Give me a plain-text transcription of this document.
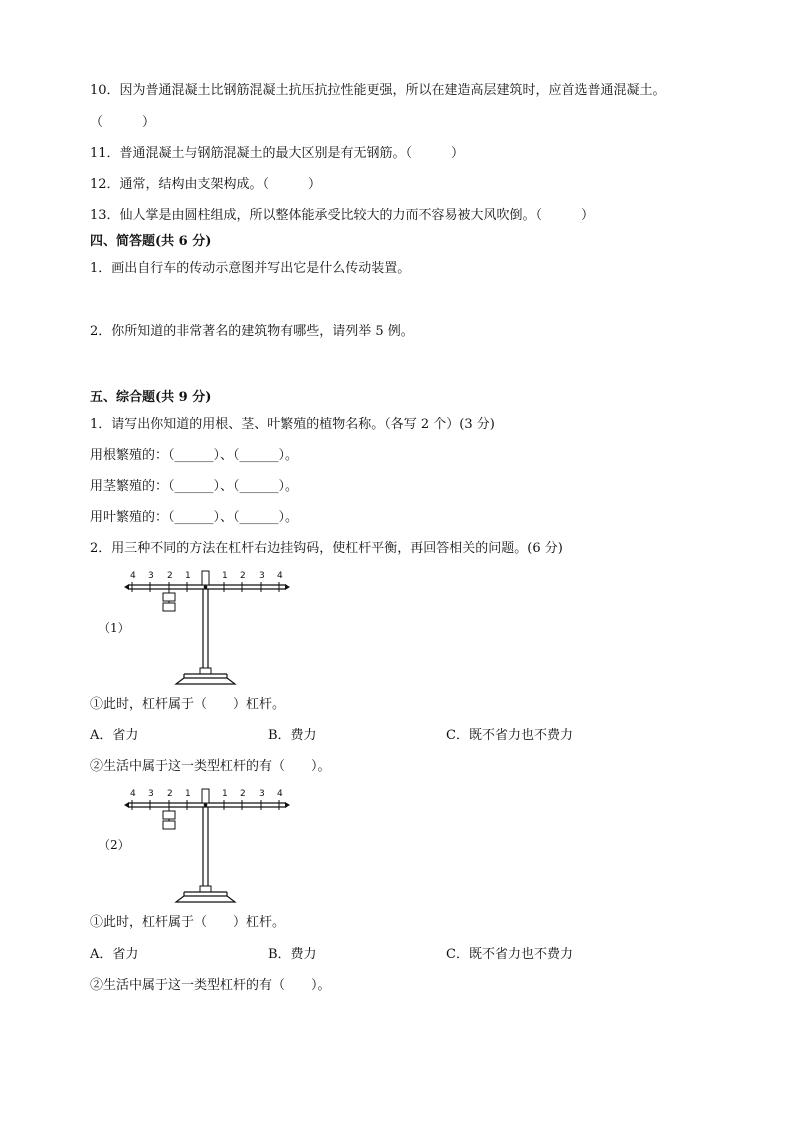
10．因为普通混凝土比钢筋混凝土抗压抗拉性能更强，所以在建造高层建筑时，应首选普通混凝土。
（　　　）
11．普通混凝土与钢筋混凝土的最大区别是有无钢筋。（　　　）
12．通常，结构由支架构成。（　　　）
13．仙人掌是由圆柱组成，所以整体能承受比较大的力而不容易被大风吹倒。（　　　）
四、简答题(共 6 分)
1．画出自行车的传动示意图并写出它是什么传动装置。
2．你所知道的非常著名的建筑物有哪些，请列举 5 例。
五、综合题(共 9 分)
1．请写出你知道的用根、茎、叶繁殖的植物名称。（各写 2 个）(3 分)
用根繁殖的：（______）、（______）。
用茎繁殖的：（______）、（______）。
用叶繁殖的：（______）、（______）。
2．用三种不同的方法在杠杆右边挂钩码，使杠杆平衡，再回答相关的问题。(6 分)
4 3 2 1	1 2 3 4
（1）
①此时，杠杆属于（　　）杠杆。
A．省力	B．费力	C．既不省力也不费力
②生活中属于这一类型杠杆的有（　　）。
4 3 2 1	1 2 3 4
（2）
①此时，杠杆属于（　　）杠杆。
A．省力	B．费力	C．既不省力也不费力
②生活中属于这一类型杠杆的有（　　）。
